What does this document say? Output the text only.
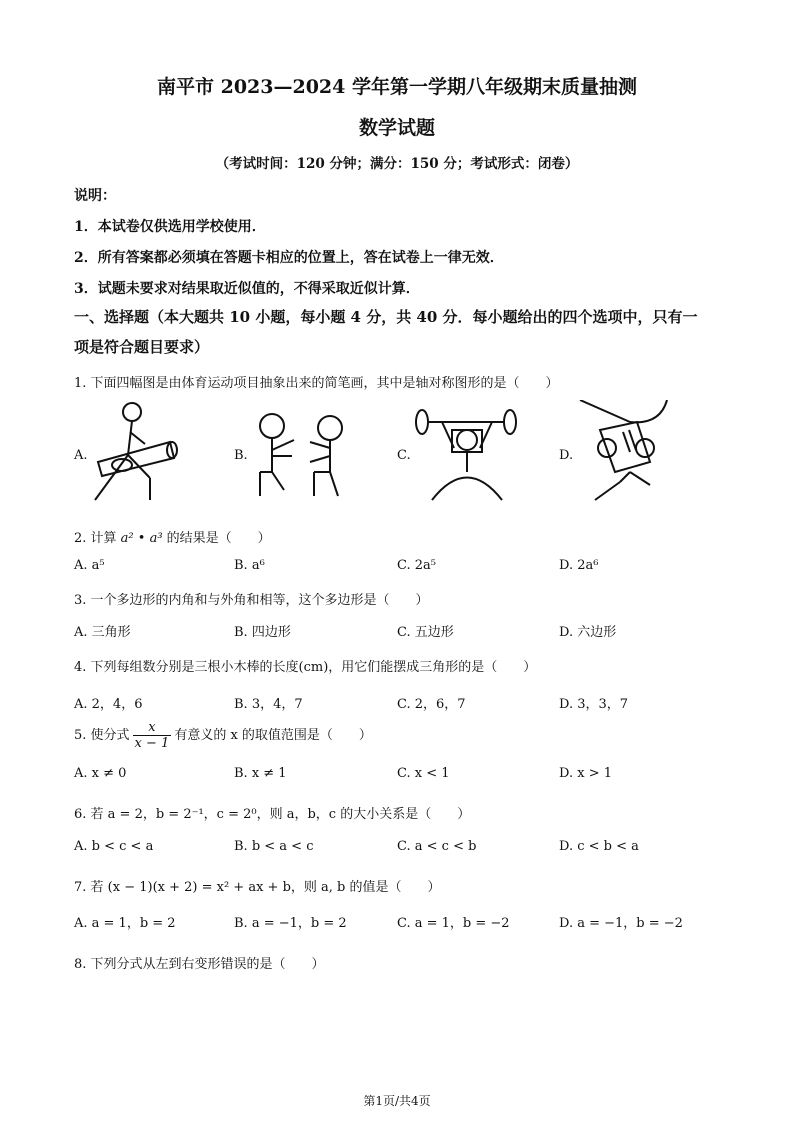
南平市 2023—2024 学年第一学期八年级期末质量抽测
数学试题
（考试时间：120 分钟；满分：150 分；考试形式：闭卷）
说明：
1．本试卷仅供选用学校使用．
2．所有答案都必须填在答题卡相应的位置上，答在试卷上一律无效．
3．试题未要求对结果取近似值的，不得采取近似计算．
一、选择题（本大题共 10 小题，每小题 4 分，共 40 分．每小题给出的四个选项中，只有一
项是符合题目要求）
1. 下面四幅图是由体育运动项目抽象出来的简笔画，其中是轴对称图形的是（　　）
A.	B.	C.	D.
2. 计算 a² • a³ 的结果是（　　）
A. a⁵	B. a⁶	C. 2a⁵	D. 2a⁶
3. 一个多边形的内角和与外角和相等，这个多边形是（　　）
A. 三角形	B. 四边形	C. 五边形	D. 六边形
4. 下列每组数分别是三根小木棒的长度(cm)，用它们能摆成三角形的是（　　）
A. 2，4，6	B. 3，4，7	C. 2，6，7	D. 3，3，7
5. 使分式 $\frac{x}{x - 1}$ 有意义的 x 的取值范围是（　　）
A. x ≠ 0	B. x ≠ 1	C. x < 1	D. x > 1
6. 若 a = 2，b = 2⁻¹，c = 2⁰，则 a，b，c 的大小关系是（　　）
A. b < c < a	B. b < a < c	C. a < c < b	D. c < b < a
7. 若 (x − 1)(x + 2) = x² + ax + b，则 a, b 的值是（　　）
A. a = 1，b = 2	B. a = −1，b = 2	C. a = 1，b = −2	D. a = −1，b = −2
8. 下列分式从左到右变形错误的是（　　）
第1页/共4页
